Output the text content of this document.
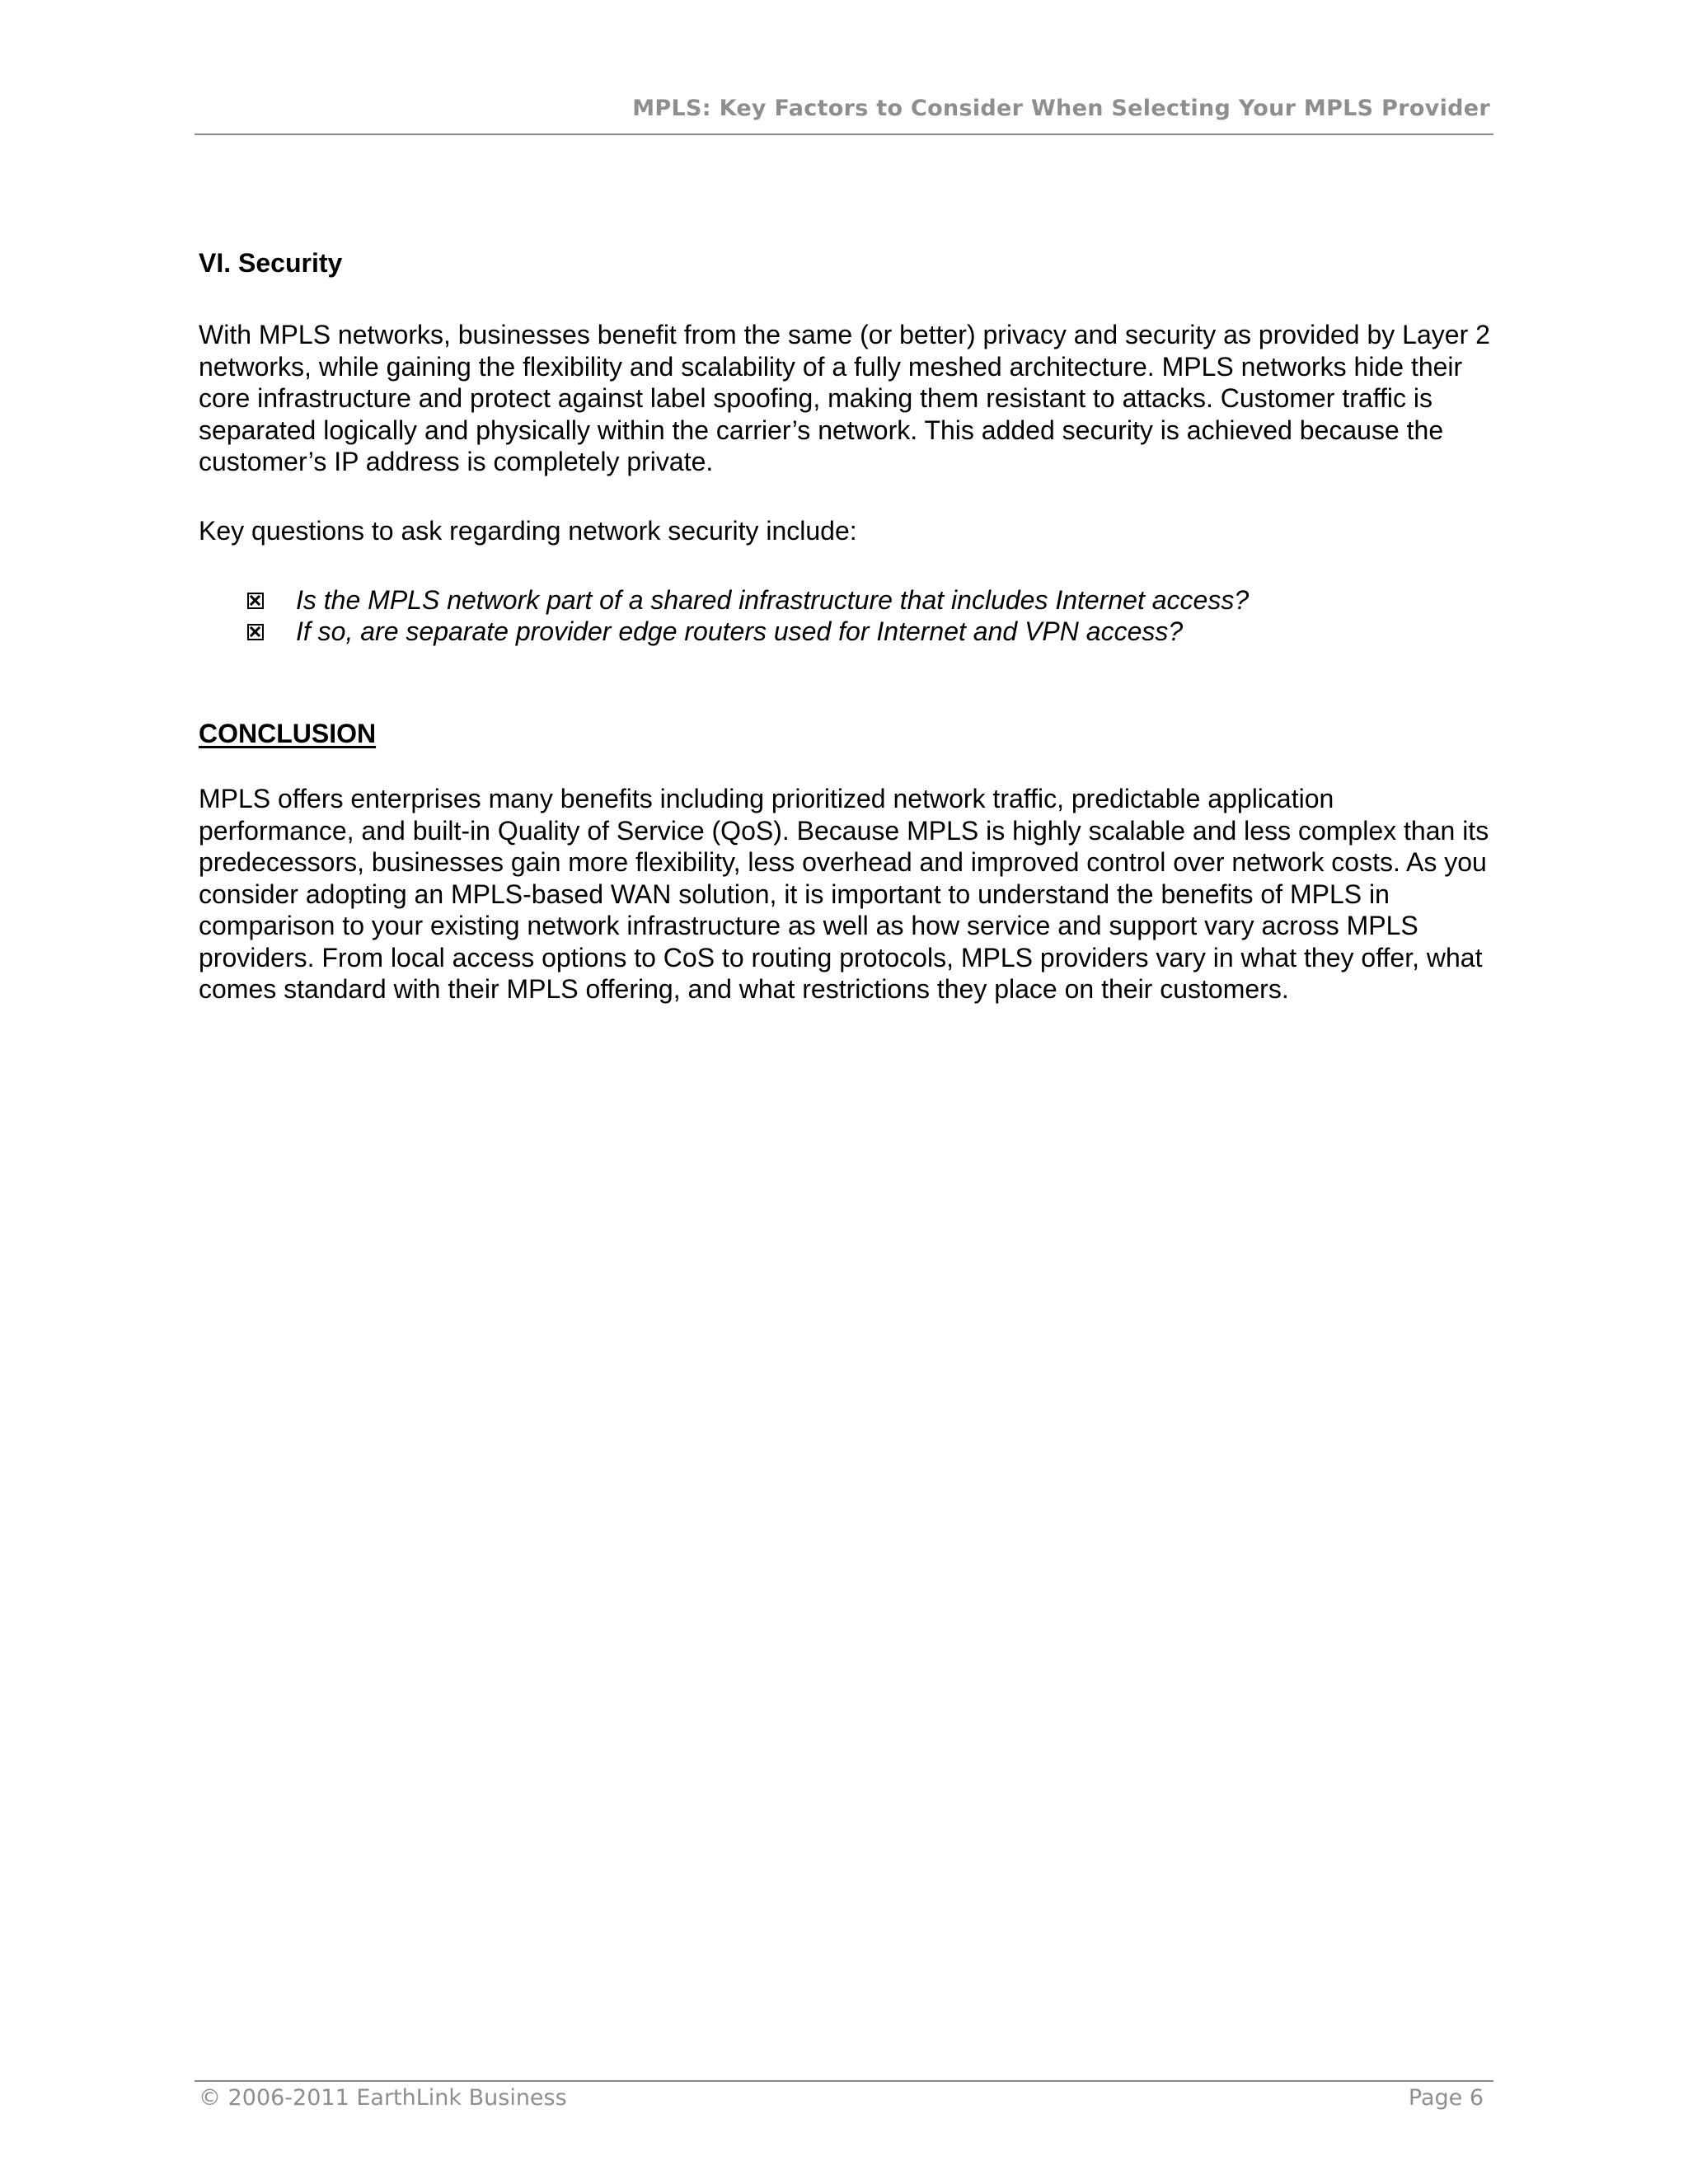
MPLS: Key Factors to Consider When Selecting Your MPLS Provider
VI. Security

With MPLS networks, businesses benefit from the same (or better) privacy and security as provided by Layer 2 networks, while gaining the flexibility and scalability of a fully meshed architecture. MPLS networks hide their core infrastructure and protect against label spoofing, making them resistant to attacks. Customer traffic is separated logically and physically within the carrier’s network. This added security is achieved because the customer’s IP address is completely private.

Key questions to ask regarding network security include:

Is the MPLS network part of a shared infrastructure that includes Internet access?
If so, are separate provider edge routers used for Internet and VPN access?
CONCLUSION

MPLS offers enterprises many benefits including prioritized network traffic, predictable application performance, and built-in Quality of Service (QoS). Because MPLS is highly scalable and less complex than its predecessors, businesses gain more flexibility, less overhead and improved control over network costs. As you consider adopting an MPLS-based WAN solution, it is important to understand the benefits of MPLS in comparison to your existing network infrastructure as well as how service and support vary across MPLS providers. From local access options to CoS to routing protocols, MPLS providers vary in what they offer, what comes standard with their MPLS offering, and what restrictions they place on their customers.

© 2006-2011 EarthLink Business	Page 6
